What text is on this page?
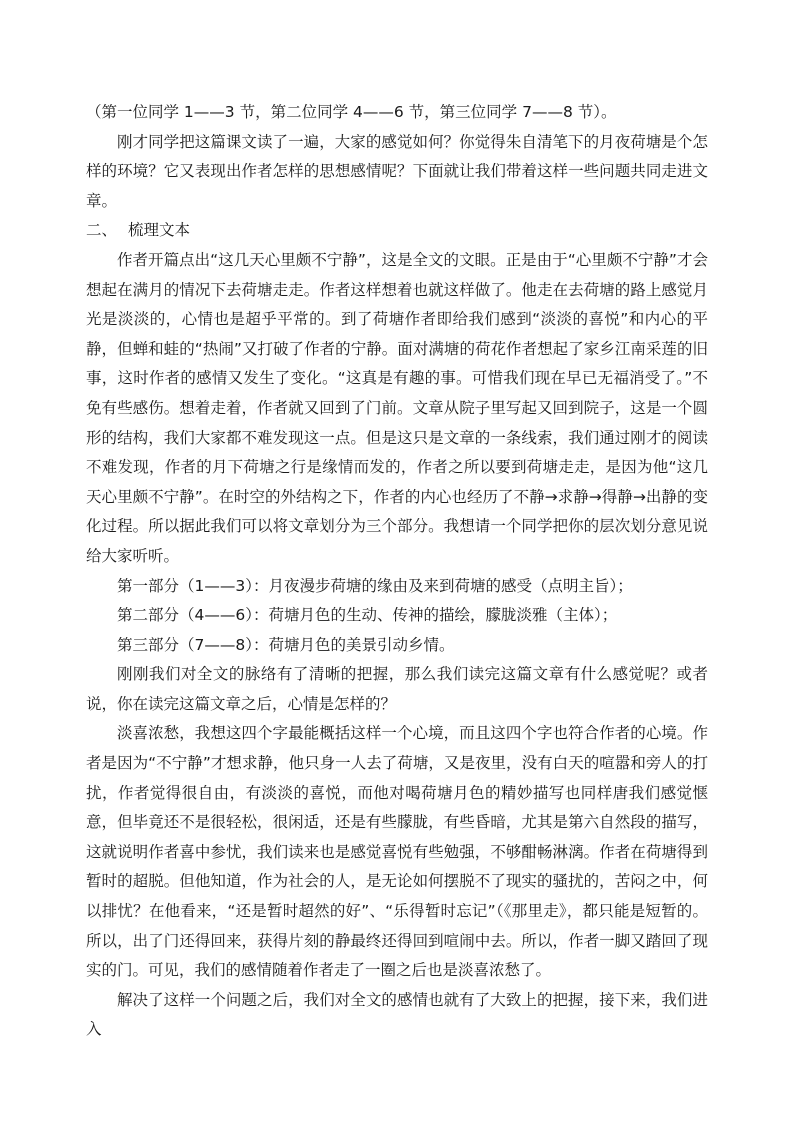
（第一位同学 1——3 节，第二位同学 4——6 节，第三位同学 7——8 节）。

刚才同学把这篇课文读了一遍，大家的感觉如何？你觉得朱自清笔下的月夜荷塘是个怎样的环境？它又表现出作者怎样的思想感情呢？下面就让我们带着这样一些问题共同走进文章。

二、 梳理文本

作者开篇点出“这几天心里颇不宁静”，这是全文的文眼。正是由于“心里颇不宁静”才会想起在满月的情况下去荷塘走走。作者这样想着也就这样做了。他走在去荷塘的路上感觉月光是淡淡的，心情也是超乎平常的。到了荷塘作者即给我们感到“淡淡的喜悦”和内心的平静，但蝉和蛙的“热闹”又打破了作者的宁静。面对满塘的荷花作者想起了家乡江南采莲的旧事，这时作者的感情又发生了变化。“这真是有趣的事。可惜我们现在早已无福消受了。”不免有些感伤。想着走着，作者就又回到了门前。文章从院子里写起又回到院子，这是一个圆形的结构，我们大家都不难发现这一点。但是这只是文章的一条线索，我们通过刚才的阅读不难发现，作者的月下荷塘之行是缘情而发的，作者之所以要到荷塘走走，是因为他“这几天心里颇不宁静”。在时空的外结构之下，作者的内心也经历了不静→求静→得静→出静的变化过程。所以据此我们可以将文章划分为三个部分。我想请一个同学把你的层次划分意见说给大家听听。

第一部分（1——3）：月夜漫步荷塘的缘由及来到荷塘的感受（点明主旨）；

第二部分（4——6）：荷塘月色的生动、传神的描绘，朦胧淡雅（主体）；

第三部分（7——8）：荷塘月色的美景引动乡情。

刚刚我们对全文的脉络有了清晰的把握，那么我们读完这篇文章有什么感觉呢？或者说，你在读完这篇文章之后，心情是怎样的？

淡喜浓愁，我想这四个字最能概括这样一个心境，而且这四个字也符合作者的心境。作者是因为“不宁静”才想求静，他只身一人去了荷塘，又是夜里，没有白天的喧嚣和旁人的打扰，作者觉得很自由，有淡淡的喜悦，而他对喝荷塘月色的精妙描写也同样唐我们感觉惬意，但毕竟还不是很轻松，很闲适，还是有些朦胧，有些昏暗，尤其是第六自然段的描写，这就说明作者喜中参忧，我们读来也是感觉喜悦有些勉强，不够酣畅淋漓。作者在荷塘得到暂时的超脱。但他知道，作为社会的人，是无论如何摆脱不了现实的骚扰的，苦闷之中，何以排忧？在他看来，“还是暂时超然的好”、“乐得暂时忘记”（《那里走》，都只能是短暂的。所以，出了门还得回来，获得片刻的静最终还得回到喧闹中去。所以，作者一脚又踏回了现实的门。可见，我们的感情随着作者走了一圈之后也是淡喜浓愁了。

解决了这样一个问题之后，我们对全文的感情也就有了大致上的把握，接下来，我们进入
